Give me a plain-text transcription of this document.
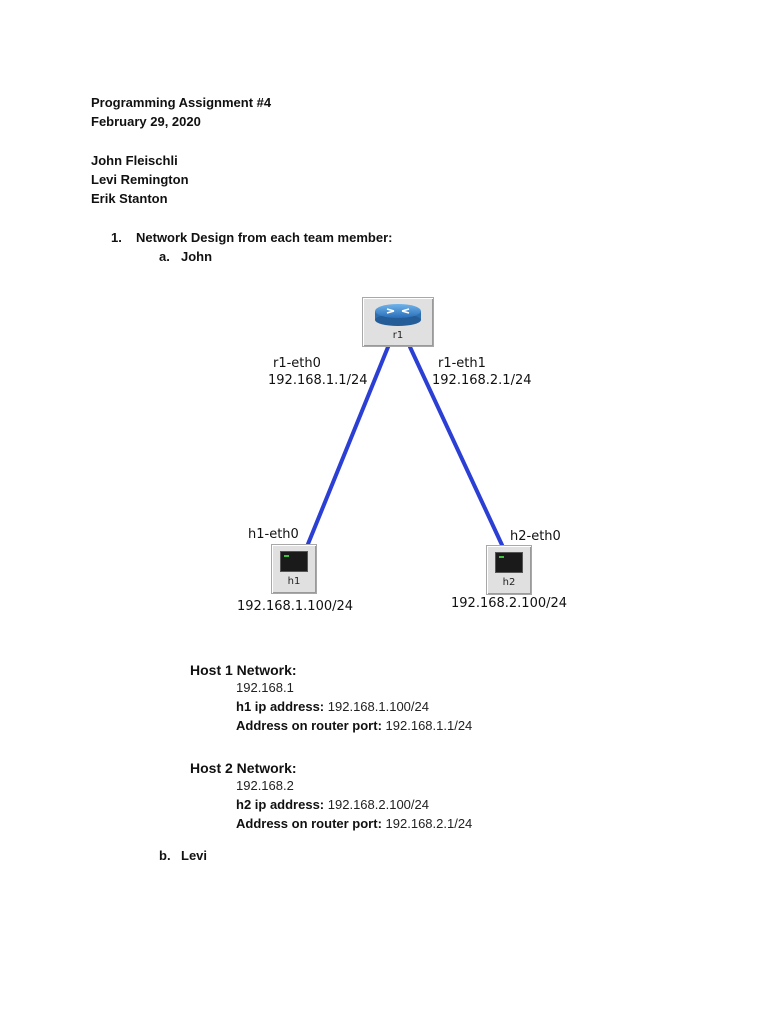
Programming Assignment #4
February 29, 2020
John Fleischli
Levi Remington
Erik Stanton
1. Network Design from each team member:
a. John
r1
h1	h2
r1-eth0
192.168.1.1/24
r1-eth1
192.168.2.1/24
h1-eth0	h2-eth0
192.168.1.100/24	192.168.2.100/24
Host 1 Network:
192.168.1
h1 ip address: 192.168.1.100/24
Address on router port: 192.168.1.1/24
Host 2 Network:
192.168.2
h2 ip address: 192.168.2.100/24
Address on router port: 192.168.2.1/24
b. Levi
